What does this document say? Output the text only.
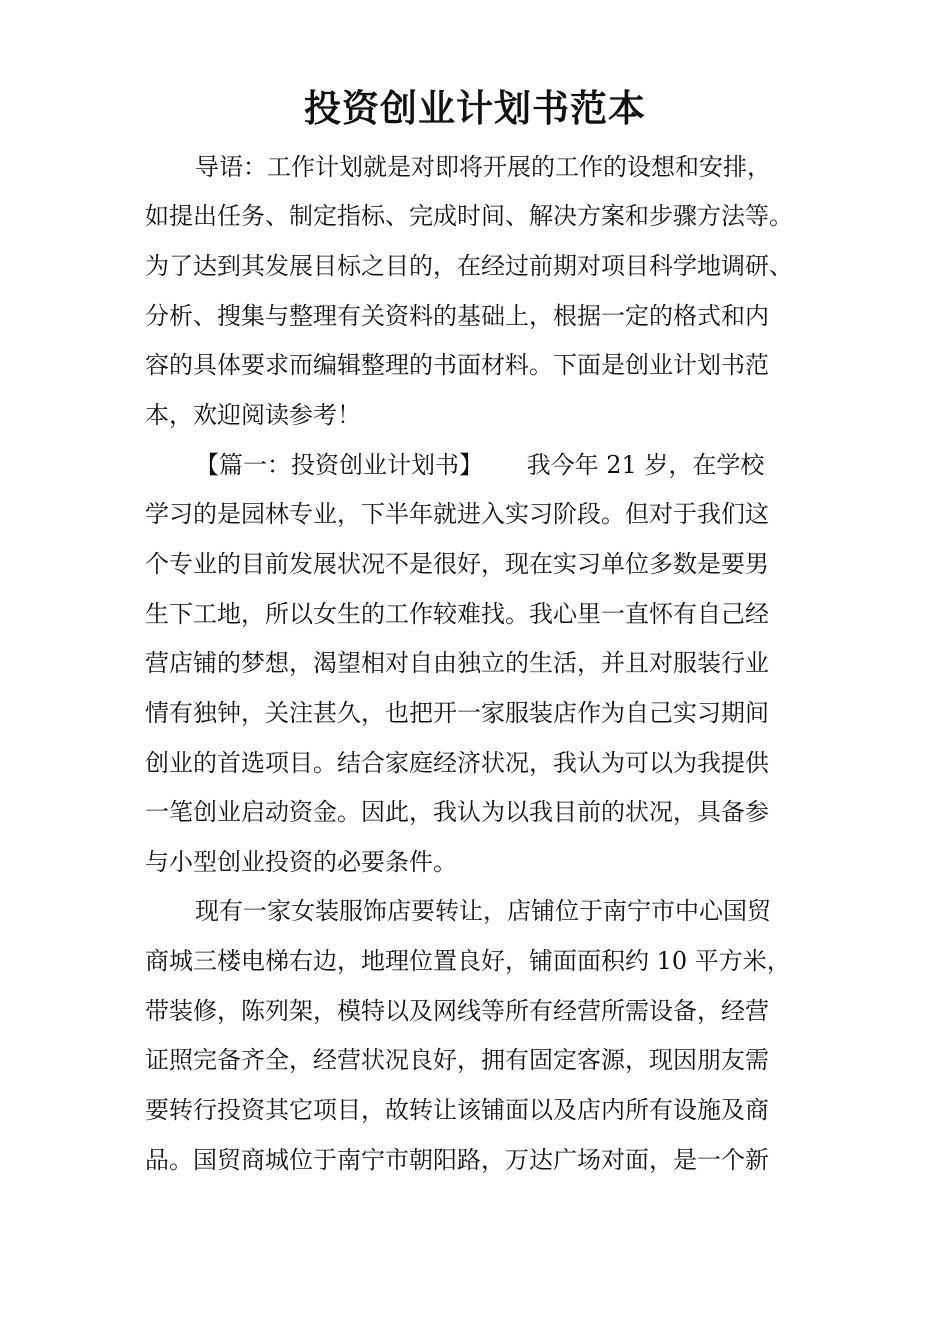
投资创业计划书范本
导语：工作计划就是对即将开展的工作的设想和安排，
如提出任务、制定指标、完成时间、解决方案和步骤方法等。
为了达到其发展目标之目的，在经过前期对项目科学地调研、
分析、搜集与整理有关资料的基础上，根据一定的格式和内
容的具体要求而编辑整理的书面材料。下面是创业计划书范
本，欢迎阅读参考！
【篇一：投资创业计划书】　　 我今年 21 岁，在学校
学习的是园林专业，下半年就进入实习阶段。但对于我们这
个专业的目前发展状况不是很好，现在实习单位多数是要男
生下工地，所以女生的工作较难找。我心里一直怀有自己经
营店铺的梦想，渴望相对自由独立的生活，并且对服装行业
情有独钟，关注甚久，也把开一家服装店作为自己实习期间
创业的首选项目。结合家庭经济状况，我认为可以为我提供
一笔创业启动资金。因此，我认为以我目前的状况，具备参
与小型创业投资的必要条件。
现有一家女装服饰店要转让，店铺位于南宁市中心国贸
商城三楼电梯右边，地理位置良好，铺面面积约 10 平方米，
带装修，陈列架，模特以及网线等所有经营所需设备，经营
证照完备齐全，经营状况良好，拥有固定客源，现因朋友需
要转行投资其它项目，故转让该铺面以及店内所有设施及商
品。国贸商城位于南宁市朝阳路，万达广场对面，是一个新
